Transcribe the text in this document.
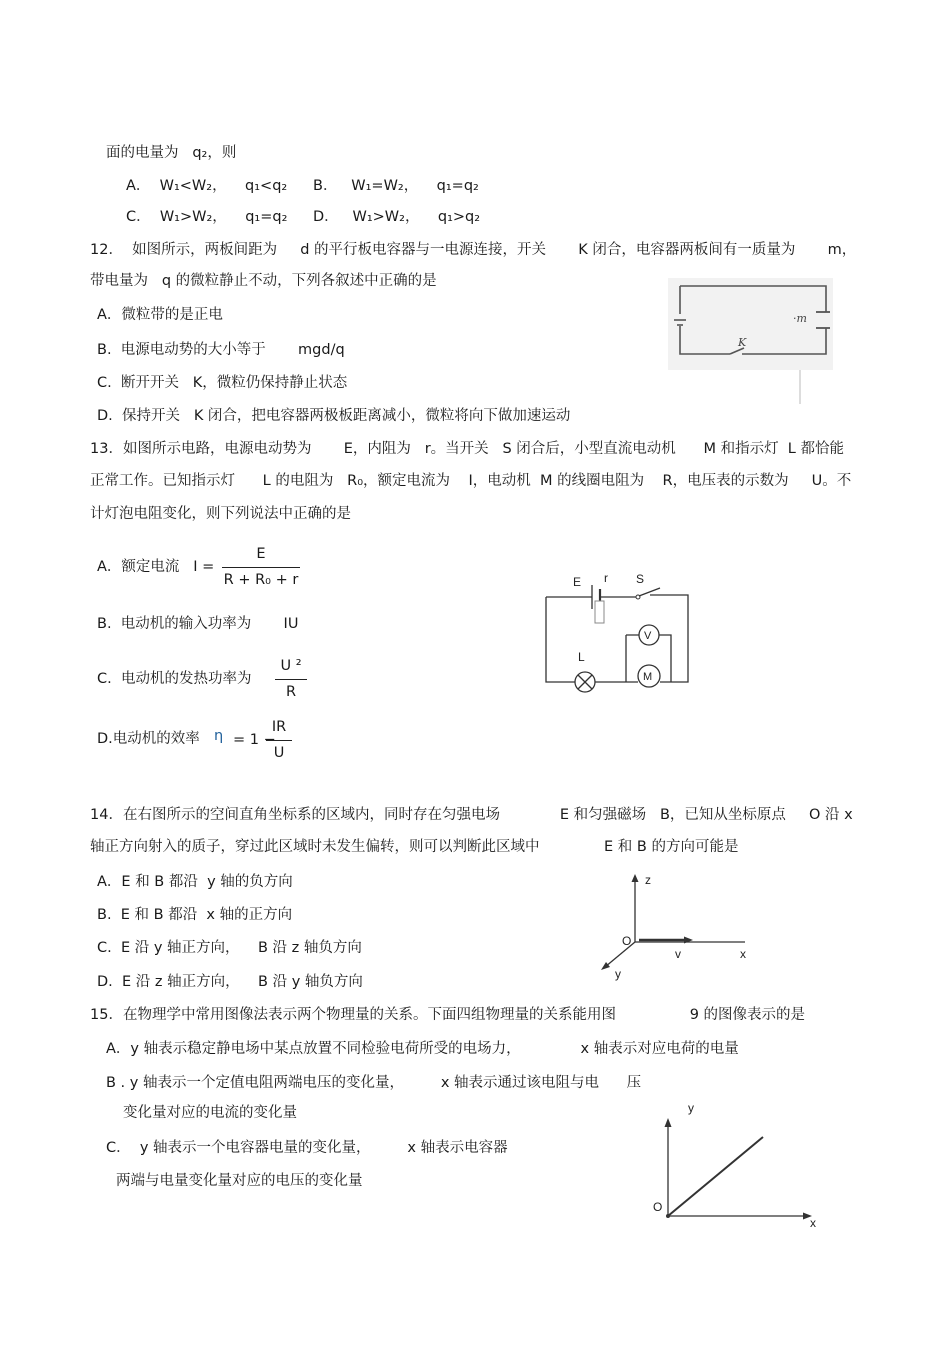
面的电量为   q₂，则
A．  W₁<W₂，    q₁<q₂ B．   W₁=W₂，    q₁=q₂
C．  W₁>W₂，    q₁=q₂ D．   W₁>W₂，    q₁>q₂
12．  如图所示，两板间距为     d 的平行板电容器与一电源连接，开关       K 闭合，电容器两板间有一质量为       m，
带电量为   q 的微粒静止不动，下列各叙述中正确的是
A．微粒带的是正电
B.  电源电动势的大小等于       mgd/q
C.  断开开关   K，微粒仍保持静止状态
D.  保持开关   K 闭合，把电容器两极板距离减小，微粒将向下做加速运动
·m
K
13．如图所示电路，电源电动势为       E，内阻为   r。当开关   S 闭合后，小型直流电动机      M 和指示灯  L 都恰能
正常工作。已知指示灯      L 的电阻为   R₀，额定电流为    I，电动机  M 的线圈电阻为    R，电压表的示数为     U。不
计灯泡电阻变化，则下列说法中正确的是
A．额定电流   I =

E

R + R₀ + r

B.  电动机的输入功率为       IU
C.  电动机的发热功率为

U ²

R

D.电动机的效率 η = 1 −

IR

U

E r S
V
M
L
14．在右图所示的空间直角坐标系的区域内，同时存在匀强电场             E 和匀强磁场   B，已知从坐标原点     O 沿 x
轴正方向射入的质子，穿过此区域时未发生偏转，则可以判断此区域中              E 和 B 的方向可能是
A．E 和 B 都沿  y 轴的负方向
B.  E 和 B 都沿  x 轴的正方向
C.  E 沿 y 轴正方向，    B 沿 z 轴负方向
D.  E 沿 z 轴正方向，    B 沿 y 轴负方向
z
O
v	x
y
15．在物理学中常用图像法表示两个物理量的关系。下面四组物理量的关系能用图                9 的图像表示的是
A．y 轴表示稳定静电场中某点放置不同检验电荷所受的电场力，             x 轴表示对应电荷的电量
B . y 轴表示一个定值电阻两端电压的变化量，        x 轴表示通过该电阻与电      压
变化量对应的电流的变化量
C．  y 轴表示一个电容器电量的变化量，        x 轴表示电容器
两端与电量变化量对应的电压的变化量
y
O
x
